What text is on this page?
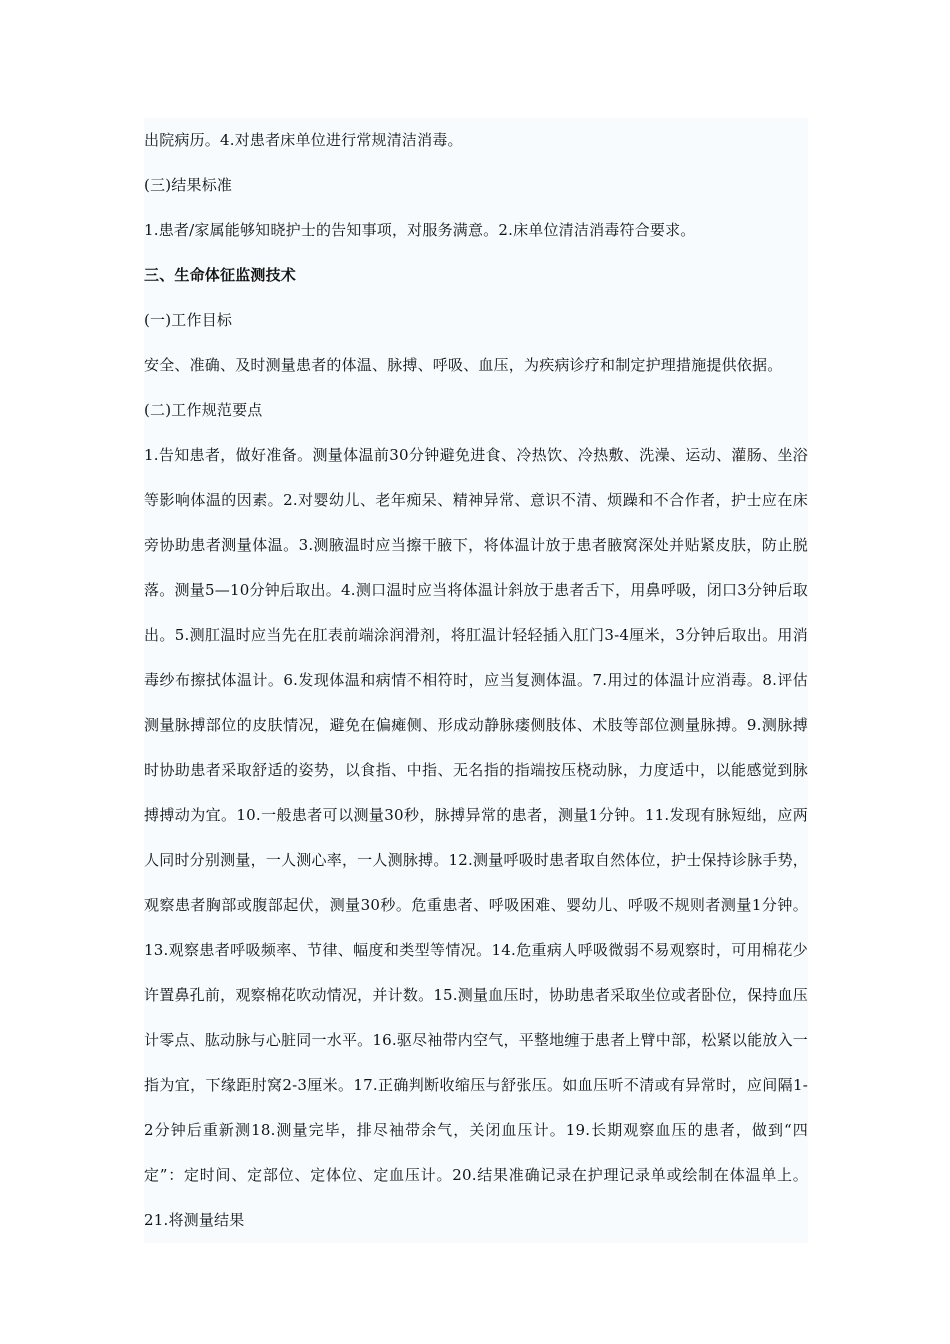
出院病历。4.对患者床单位进行常规清洁消毒。

(三)结果标准

1.患者/家属能够知晓护士的告知事项，对服务满意。2.床单位清洁消毒符合要求。

三、生命体征监测技术

(一)工作目标

安全、准确、及时测量患者的体温、脉搏、呼吸、血压，为疾病诊疗和制定护理措施提供依据。

(二)工作规范要点

1.告知患者，做好准备。测量体温前30分钟避免进食、冷热饮、冷热敷、洗澡、运动、灌肠、坐浴等影响体温的因素。2.对婴幼儿、老年痴呆、精神异常、意识不清、烦躁和不合作者，护士应在床旁协助患者测量体温。3.测腋温时应当擦干腋下，将体温计放于患者腋窝深处并贴紧皮肤，防止脱落。测量5—10分钟后取出。4.测口温时应当将体温计斜放于患者舌下，用鼻呼吸，闭口3分钟后取出。5.测肛温时应当先在肛表前端涂润滑剂，将肛温计轻轻插入肛门3-4厘米，3分钟后取出。用消毒纱布擦拭体温计。6.发现体温和病情不相符时，应当复测体温。7.用过的体温计应消毒。8.评估测量脉搏部位的皮肤情况，避免在偏瘫侧、形成动静脉瘘侧肢体、术肢等部位测量脉搏。9.测脉搏时协助患者采取舒适的姿势，以食指、中指、无名指的指端按压桡动脉，力度适中，以能感觉到脉搏搏动为宜。10.一般患者可以测量30秒，脉搏异常的患者，测量1分钟。11.发现有脉短绌，应两人同时分别测量，一人测心率，一人测脉搏。12.测量呼吸时患者取自然体位，护士保持诊脉手势，观察患者胸部或腹部起伏，测量30秒。危重患者、呼吸困难、婴幼儿、呼吸不规则者测量1分钟。13.观察患者呼吸频率、节律、幅度和类型等情况。14.危重病人呼吸微弱不易观察时，可用棉花少许置鼻孔前，观察棉花吹动情况，并计数。15.测量血压时，协助患者采取坐位或者卧位，保持血压计零点、肱动脉与心脏同一水平。16.驱尽袖带内空气，平整地缠于患者上臂中部，松紧以能放入一指为宜，下缘距肘窝2-3厘米。17.正确判断收缩压与舒张压。如血压听不清或有异常时，应间隔1-2分钟后重新测18.测量完毕，排尽袖带余气，关闭血压计。19.长期观察血压的患者，做到“四定”：定时间、定部位、定体位、定血压计。20.结果准确记录在护理记录单或绘制在体温单上。21.将测量结果
